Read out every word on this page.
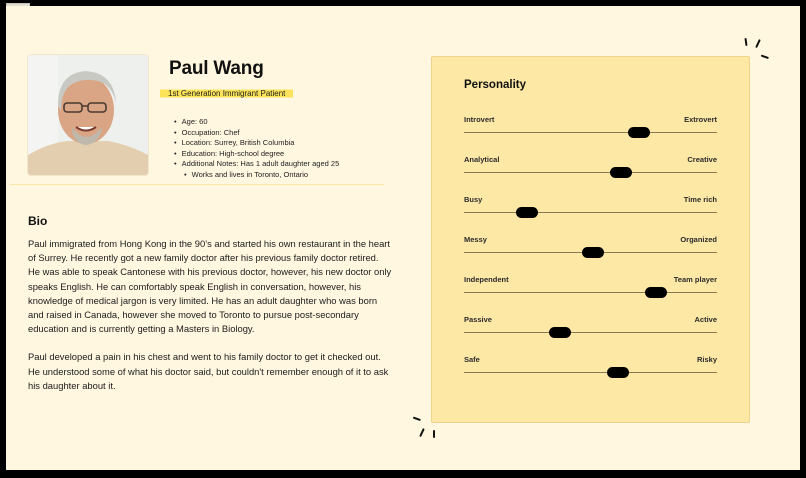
Paul Wang
1st Generation Immigrant Patient
• Age: 60
• Occupation: Chef
• Location: Surrey, British Columbia
• Education: High-school degree
• Additional Notes: Has 1 adult daughter aged 25
• Works and lives in Toronto, Ontario
Bio

Paul immigrated from Hong Kong in the 90’s and started his own restaurant in the heart of Surrey. He recently got a new family doctor after his previous family doctor retired. He was able to speak Cantonese with his previous doctor, however, his new doctor only speaks English. He can comfortably speak English in conversation, however, his knowledge of medical jargon is very limited. He has an adult daughter who was born and raised in Canada, however she moved to Toronto to pursue post-secondary education and is currently getting a Masters in Biology.

Paul developed a pain in his chest and went to his family doctor to get it checked out. He understood some of what his doctor said, but couldn't remember enough of it to ask his daughter about it.

Personality
Introvert	Extrovert
Analytical	Creative
Busy	Time rich
Messy	Organized
Independent	Team player
Passive	Active
Safe	Risky
